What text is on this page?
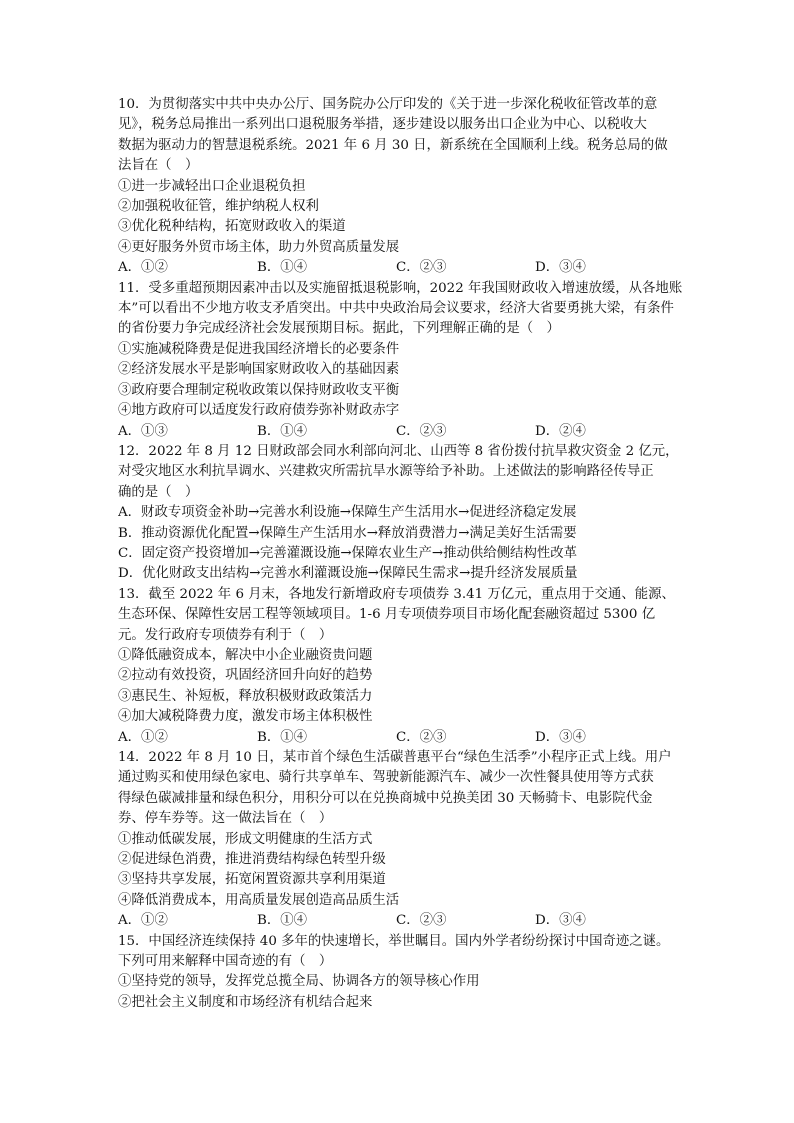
10．为贯彻落实中共中央办公厅、国务院办公厅印发的《关于进一步深化税收征管改革的意
见》，税务总局推出一系列出口退税服务举措，逐步建设以服务出口企业为中心、以税收大
数据为驱动力的智慧退税系统。2021 年 6 月 30 日，新系统在全国顺利上线。税务总局的做
法旨在（　）
①进一步减轻出口企业退税负担
②加强税收征管，维护纳税人权利
③优化税种结构，拓宽财政收入的渠道
④更好服务外贸市场主体，助力外贸高质量发展
A．①②	B．①④	C．②③	D．③④
11．受多重超预期因素冲击以及实施留抵退税影响，2022 年我国财政收入增速放缓，从各地账
本”可以看出不少地方收支矛盾突出。中共中央政治局会议要求，经济大省要勇挑大梁，有条件
的省份要力争完成经济社会发展预期目标。据此，下列理解正确的是（　）
①实施减税降费是促进我国经济增长的必要条件
②经济发展水平是影响国家财政收入的基础因素
③政府要合理制定税收政策以保持财政收支平衡
④地方政府可以适度发行政府债券弥补财政赤字
A．①③	B．①④	C．②③	D．②④
12．2022 年 8 月 12 日财政部会同水利部向河北、山西等 8 省份拨付抗旱救灾资金 2 亿元，
对受灾地区水利抗旱调水、兴建救灾所需抗旱水源等给予补助。上述做法的影响路径传导正
确的是（　）
A．财政专项资金补助→完善水利设施→保障生产生活用水→促进经济稳定发展
B．推动资源优化配置→保障生产生活用水→释放消费潜力→满足美好生活需要
C．固定资产投资增加→完善灌溉设施→保障农业生产→推动供给侧结构性改革
D．优化财政支出结构→完善水利灌溉设施→保障民生需求→提升经济发展质量
13．截至 2022 年 6 月末，各地发行新增政府专项债券 3.41 万亿元，重点用于交通、能源、
生态环保、保障性安居工程等领域项目。1-6 月专项债券项目市场化配套融资超过 5300 亿
元。发行政府专项债券有利于（　）
①降低融资成本，解决中小企业融资贵问题
②拉动有效投资，巩固经济回升向好的趋势
③惠民生、补短板，释放积极财政政策活力
④加大减税降费力度，激发市场主体积极性
A．①②	B．①④	C．②③	D．③④
14．2022 年 8 月 10 日，某市首个绿色生活碳普惠平台“绿色生活季”小程序正式上线。用户
通过购买和使用绿色家电、骑行共享单车、驾驶新能源汽车、减少一次性餐具使用等方式获
得绿色碳减排量和绿色积分，用积分可以在兑换商城中兑换美团 30 天畅骑卡、电影院代金
券、停车券等。这一做法旨在（　）
①推动低碳发展，形成文明健康的生活方式
②促进绿色消费，推进消费结构绿色转型升级
③坚持共享发展，拓宽闲置资源共享利用渠道
④降低消费成本，用高质量发展创造高品质生活
A．①②	B．①④	C．②③	D．③④
15．中国经济连续保持 40 多年的快速增长，举世瞩目。国内外学者纷纷探讨中国奇迹之谜。
下列可用来解释中国奇迹的有（　）
①坚持党的领导，发挥党总揽全局、协调各方的领导核心作用
②把社会主义制度和市场经济有机结合起来
